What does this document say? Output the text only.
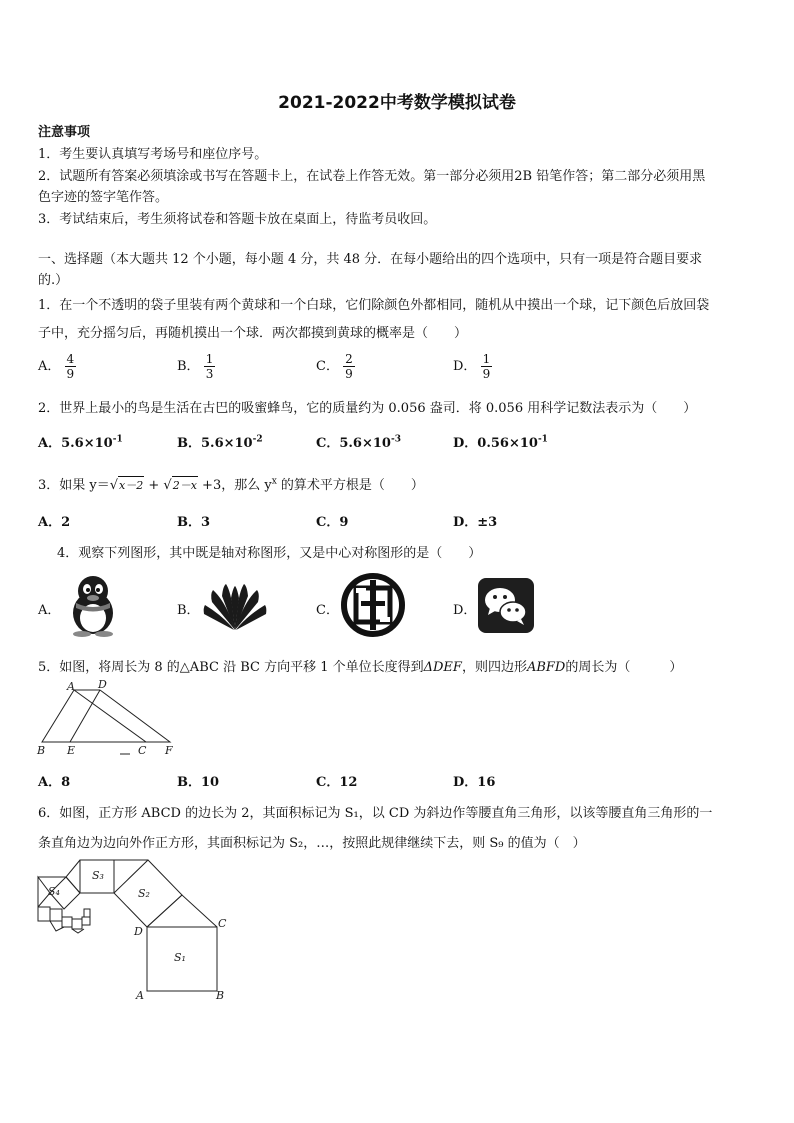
2021-2022中考数学模拟试卷
注意事项
1．考生要认真填写考场号和座位序号。
2．试题所有答案必须填涂或书写在答题卡上，在试卷上作答无效。第一部分必须用2B 铅笔作答；第二部分必须用黑
色字迹的签字笔作答。
3．考试结束后，考生须将试卷和答题卡放在桌面上，待监考员收回。
一、选择题（本大题共 12 个小题，每小题 4 分，共 48 分．在每小题给出的四个选项中，只有一项是符合题目要求
的.）
1．在一个不透明的袋子里装有两个黄球和一个白球，它们除颜色外都相同，随机从中摸出一个球，记下颜色后放回袋
子中，充分摇匀后，再随机摸出一个球．两次都摸到黄球的概率是（　　）
A． $\frac{4}{9}$	B． $\frac{1}{3}$	C． $\frac{2}{9}$	D． $\frac{1}{9}$
2．世界上最小的鸟是生活在古巴的吸蜜蜂鸟，它的质量约为 0.056 盎司．将 0.056 用科学记数法表示为（　　）
A．$5.6\times 10^{-1}$	B．$5.6\times 10^{-2}$	C．$5.6\times 10^{-3}$	D．$0.56\times 10^{-1}$
3．如果 y＝√x－2 + √2－x +3，那么 $y^x$ 的算术平方根是（　　）
A．2	B．3	C．9	D．±3
4．观察下列图形，其中既是轴对称图形，又是中心对称图形的是（　　）
A．	B．	C．	D．
5．如图，将周长为 8 的△ABC 沿 BC 方向平移 1 个单位长度得到ΔDEF，则四边形ABFD的周长为（　　　）
A D
B E	C F
A．8	B．10	C．12	D．16
6．如图，正方形 ABCD 的边长为 2，其面积标记为 S₁，以 CD 为斜边作等腰直角三角形，以该等腰直角三角形的一
条直角边为边向外作正方形，其面积标记为 S₂，…，按照此规律继续下去，则 S₉ 的值为（　）
S₃
S₂
S₄
C
D
S₁
A	B
